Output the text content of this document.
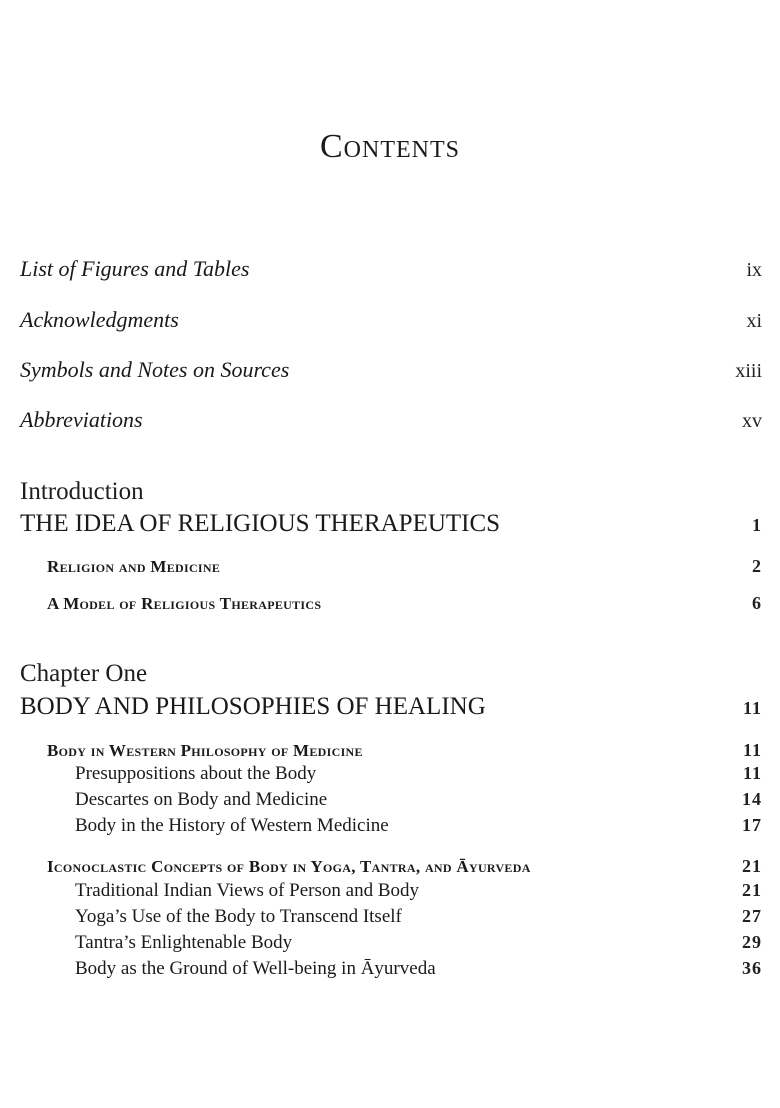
Contents
List of Figures and Tables	ix
Acknowledgments	xi
Symbols and Notes on Sources	xiii
Abbreviations	xv
Introduction
THE IDEA OF RELIGIOUS THERAPEUTICS	1
Religion and Medicine	2
A Model of Religious Therapeutics	6
Chapter One
BODY AND PHILOSOPHIES OF HEALING	11
Body in Western Philosophy of Medicine	11
Presuppositions about the Body	11
Descartes on Body and Medicine	14
Body in the History of Western Medicine	17
Iconoclastic Concepts of Body in Yoga, Tantra, and Āyurveda	21
Traditional Indian Views of Person and Body	21
Yoga’s Use of the Body to Transcend Itself	27
Tantra’s Enlightenable Body	29
Body as the Ground of Well-being in Āyurveda	36
